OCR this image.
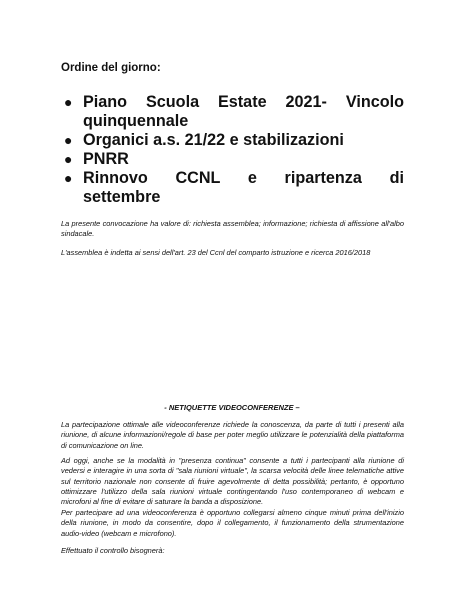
Ordine del giorno:

● Piano Scuola Estate 2021- Vincolo
quinquennale
● Organici a.s. 21/22 e stabilizazioni
● PNRR
● Rinnovo CCNL e ripartenza di
settembre

La presente convocazione ha valore di: richiesta assemblea; informazione; richiesta di affissione all'albo sindacale.

L'assemblea è indetta ai sensi dell'art. 23 del Ccnl del comparto istruzione e ricerca 2016/2018

- NETIQUETTE VIDEOCONFERENZE –

La partecipazione ottimale alle videoconferenze richiede la conoscenza, da parte di tutti i presenti alla riunione, di alcune informazioni/regole di base per poter meglio utilizzare le potenzialità della piattaforma di comunicazione on line.

Ad oggi, anche se la modalità in "presenza continua" consente a tutti i partecipanti alla riunione di vedersi e interagire in una sorta di "sala riunioni virtuale", la scarsa velocità delle linee telematiche attive sul territorio nazionale non consente di fruire agevolmente di detta possibilità; pertanto, è opportuno ottimizzare l'utilizzo della sala riunioni virtuale contingentando l'uso contemporaneo di webcam e microfoni al fine di evitare di saturare la banda a disposizione.

Per partecipare ad una videoconferenza è opportuno collegarsi almeno cinque minuti prima dell'inizio della riunione, in modo da consentire, dopo il collegamento, il funzionamento della strumentazione audio-video (webcam e microfono).

Effettuato il controllo bisognerà:
